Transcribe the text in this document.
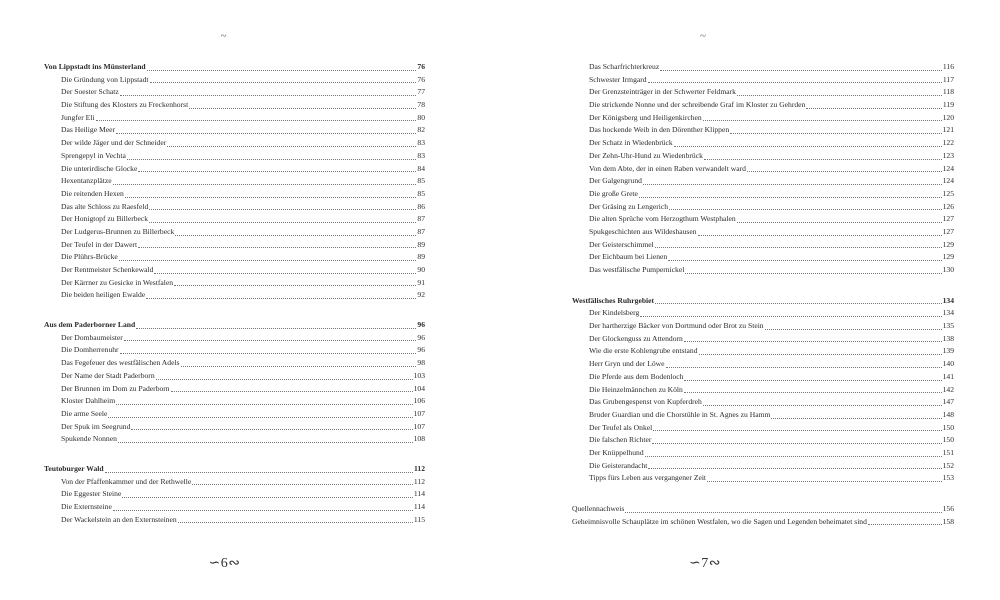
~
Von Lippstadt ins Münsterland	76
Die Gründung von Lippstadt	76
Der Soester Schatz	77
Die Stiftung des Klosters zu Freckenhorst	78
Jungfer Eli	80
Das Heilige Meer	82
Der wilde Jäger und der Schneider	83
Sprengepyl in Vechta	83
Die unterirdische Glocke	84
Hexentanzplätze	85
Die reitenden Hexen	85
Das alte Schloss zu Raesfeld	86
Der Honigtopf zu Billerbeck	87
Der Ludgerus-Brunnen zu Billerbeck	87
Der Teufel in der Dawert	89
Die Plührs-Brücke	89
Der Rentmeister Schenkewald	90
Der Kärrner zu Gesicke in Westfalen	91
Die beiden heiligen Ewalde	92
Aus dem Paderborner Land	96
Der Dombaumeister	96
Die Domherrenuhr	96
Das Fegefeuer des westfälischen Adels	98
Der Name der Stadt Paderborn	103
Der Brunnen im Dom zu Paderborn	104
Kloster Dahlheim	106
Die arme Seele	107
Der Spuk im Seegrund	107
Spukende Nonnen	108
Teutoburger Wald	112
Von der Pfaffenkammer und der Rethwelle	112
Die Eggester Steine	114
Die Externsteine	114
Der Wackelstein an den Externsteinen	115
∽6∾
~
Das Scharfrichterkreuz	116
Schwester Irmgard	117
Der Grenzsteinträger in der Schwerter Feldmark	118
Die strickende Nonne und der schreibende Graf im Kloster zu Gehrden	119
Der Königsberg und Heiligenkirchen	120
Das hockende Weib in den Dörenther Klippen	121
Der Schatz in Wiedenbrück	122
Der Zehn-Uhr-Hund zu Wiedenbrück	123
Von dem Abte, der in einen Raben verwandelt ward	124
Der Galgengrund	124
Die große Grete	125
Der Gräsing zu Lengerich	126
Die alten Sprüche vom Herzogthum Westphalen	127
Spukgeschichten aus Wildeshausen	127
Der Geisterschimmel	129
Der Eichbaum bei Lienen	129
Das westfälische Pumpernickel	130
Westfälisches Ruhrgebiet	134
Der Kindelsberg	134
Der hartherzige Bäcker von Dortmund oder Brot zu Stein	135
Der Glockenguss zu Attendorn	138
Wie die erste Kohlengrube entstand	139
Herr Gryn und der Löwe	140
Die Pferde aus dem Bodenloch	141
Die Heinzelmännchen zu Köln	142
Das Grubengespenst von Kupferdreh	147
Bruder Guardian und die Chorstühle in St. Agnes zu Hamm	148
Der Teufel als Onkel	150
Die falschen Richter	150
Der Knüppelhund	151
Die Geisterandacht	152
Tipps fürs Leben aus vergangener Zeit	153
Quellennachweis	156
Geheimnisvolle Schauplätze im schönen Westfalen, wo die Sagen und Legenden beheimatet sind	158
∽7∾
